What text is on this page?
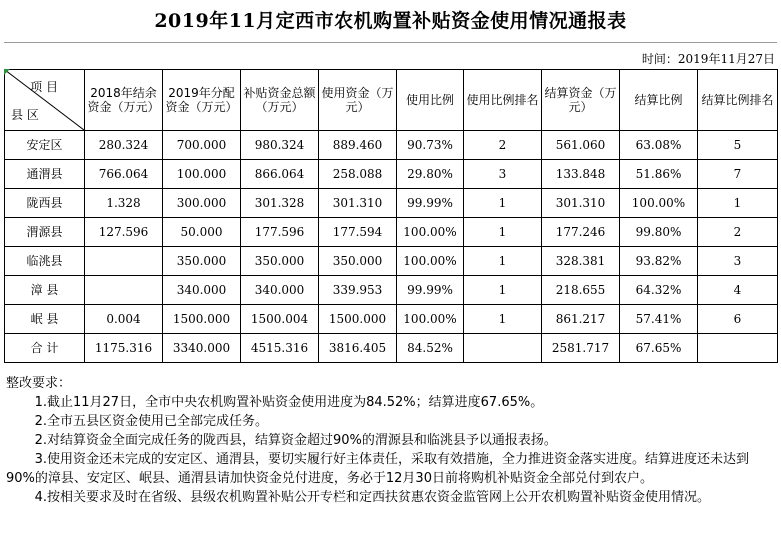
2019年11月定西市农机购置补贴资金使用情况通报表
时间：2019年11月27日
项 目
县 区	2018年结余资金（万元）	2019年分配资金（万元）	补贴资金总额（万元）	使用资金（万元）	使用比例	使用比例排名	结算资金（万元）	结算比例	结算比例排名
安定区	280.324	700.000	980.324	889.460	90.73%	2	561.060	63.08%	5
通渭县	766.064	100.000	866.064	258.088	29.80%	3	133.848	51.86%	7
陇西县	1.328	300.000	301.328	301.310	99.99%	1	301.310	100.00%	1
渭源县	127.596	50.000	177.596	177.594	100.00%	1	177.246	99.80%	2
临洮县		350.000	350.000	350.000	100.00%	1	328.381	93.82%	3
漳 县		340.000	340.000	339.953	99.99%	1	218.655	64.32%	4
岷 县	0.004	1500.000	1500.004	1500.000	100.00%	1	861.217	57.41%	6
合 计	1175.316	3340.000	4515.316	3816.405	84.52%		2581.717	67.65%	
整改要求：

1.截止11月27日，全市中央农机购置补贴资金使用进度为84.52%；结算进度67.65%。

2.全市五县区资金使用已全部完成任务。

2.对结算资金全面完成任务的陇西县，结算资金超过90%的渭源县和临洮县予以通报表扬。

3.使用资金还未完成的安定区、通渭县，要切实履行好主体责任，采取有效措施，全力推进资金落实进度。结算进度还未达到90%的漳县、安定区、岷县、通渭县请加快资金兑付进度，务必于12月30日前将购机补贴资金全部兑付到农户。

4.按相关要求及时在省级、县级农机购置补贴公开专栏和定西扶贫惠农资金监管网上公开农机购置补贴资金使用情况。
